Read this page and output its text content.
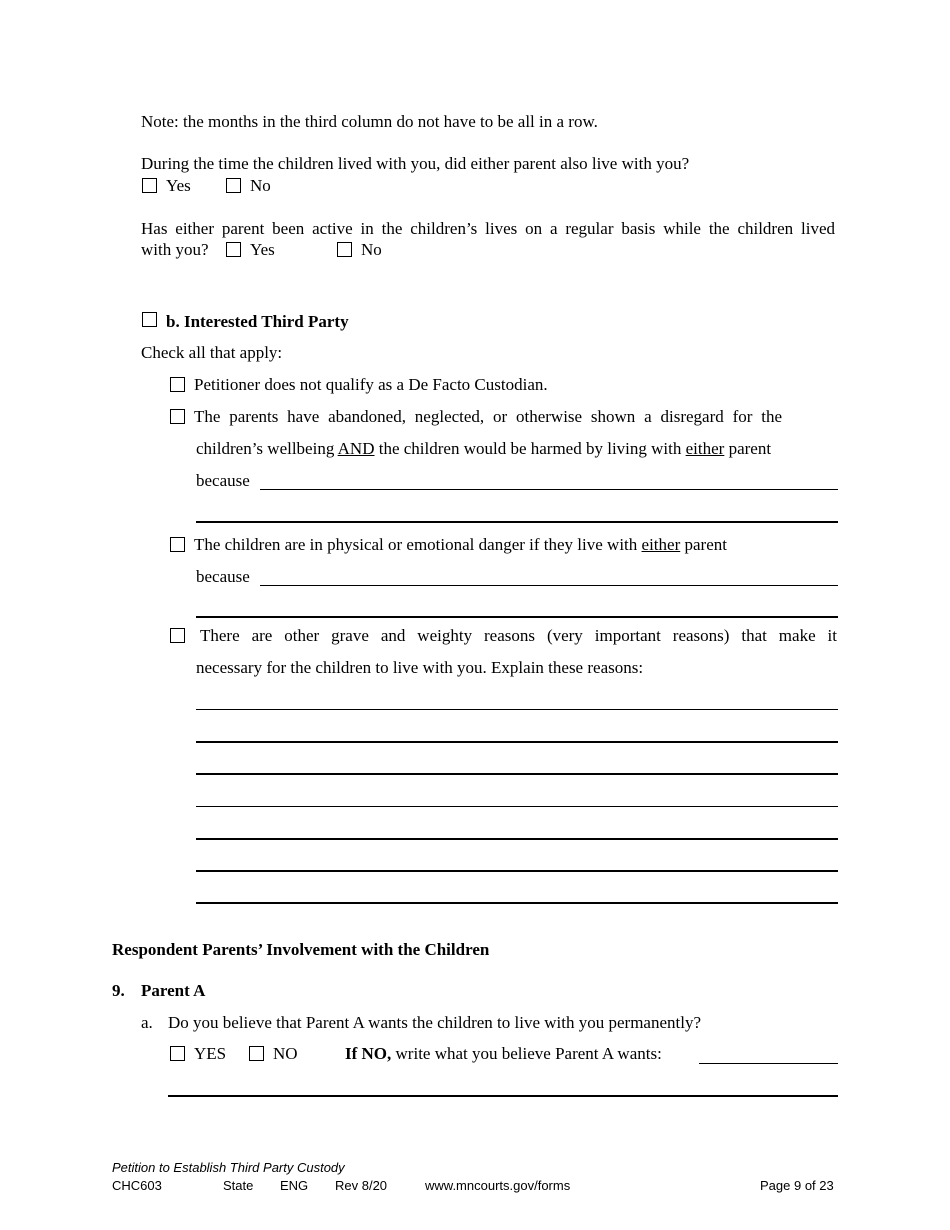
Note: the months in the third column do not have to be all in a row.
During the time the children lived with you, did either parent also live with you?
Yes	No
Has either parent been active in the children’s lives on a regular basis while the children lived
with you? Yes	No
b. Interested Third Party
Check all that apply:
Petitioner does not qualify as a De Facto Custodian.
The parents have abandoned, neglected, or otherwise shown a disregard for the
children’s wellbeing AND the children would be harmed by living with either parent
because
The children are in physical or emotional danger if they live with either parent
because
There are other grave and weighty reasons (very important reasons) that make it
necessary for the children to live with you. Explain these reasons:
Respondent Parents’ Involvement with the Children
9. Parent A
a. Do you believe that Parent A wants the children to live with you permanently?
YES	NO	If NO, write what you believe Parent A wants:
Petition to Establish Third Party Custody
CHC603	State ENG Rev 8/20	www.mncourts.gov/forms	Page 9 of 23
